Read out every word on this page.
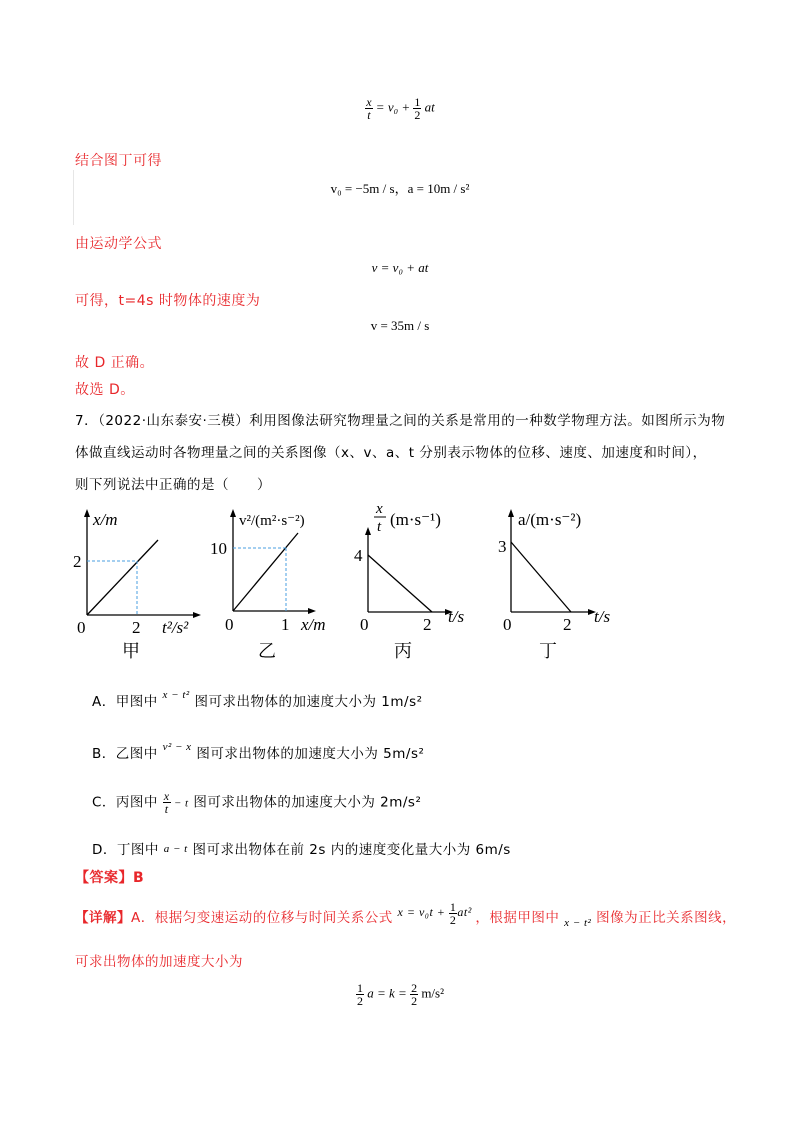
$\frac{x}{t} = v_0 + \frac{1}{2}$ at
结合图丁可得
v₀ = −5m / s，a = 10m / s²
由运动学公式
v = v₀ + at
可得，t=4s 时物体的速度为
v = 35m / s
故 D 正确。
故选 D。
7．（2022·山东泰安·三模）利用图像法研究物理量之间的关系是常用的一种数学物理方法。如图所示为物
体做直线运动时各物理量之间的关系图像（x、v、a、t 分别表示物体的位移、速度、加速度和时间），
则下列说法中正确的是（　　）
x/m
2
0	2 t²/s²
甲
v²/(m²·s⁻²)
10
0	1 x/m
乙
x
t (m·s⁻¹)
4
0	2 t/s
丙
a/(m·s⁻²)
3
0	2 t/s
丁
A．甲图中 $^{x - t^2}$ 图可求出物体的加速度大小为 1m/s²
B．乙图中 $^{v^2 - x}$ 图可求出物体的加速度大小为 5m/s²
C．丙图中 $\frac{x}{t} - t$ 图可求出物体的加速度大小为 2m/s²
D．丁图中 a − t 图可求出物体在前 2s 内的速度变化量大小为 6m/s
【答案】B
【详解】A．根据匀变速运动的位移与时间关系公式 $x = v_0t + \frac{1}{2} at^2$ ，根据甲图中 $_{x - t^2}$ 图像为正比关系图线，
可求出物体的加速度大小为
$\frac{1}{2}$ $a = k = \frac{2}{2} m/s^2$
